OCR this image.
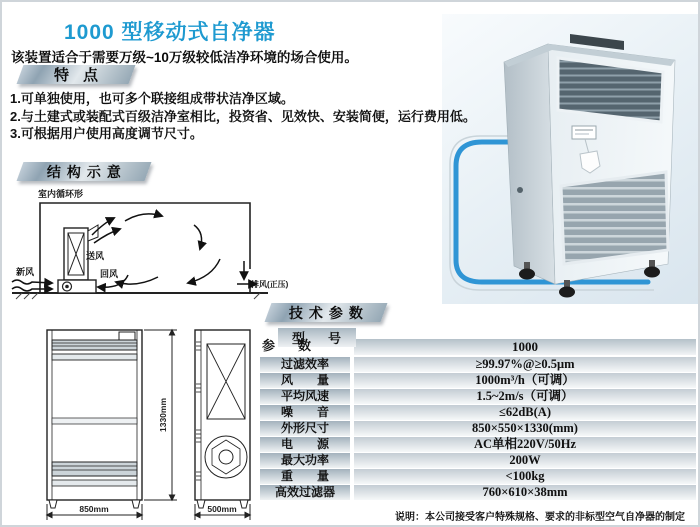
1000 型移动式自净器

该装置适合于需要万级~10万级较低洁净环境的场合使用。

特点
1.可单独使用，也可多个联接组成带状洁净区域。
2.与土建式或装配式百级洁净室相比，投资省、见效快、安装简便，运行费用低。
3.可根据用户使用高度调节尺寸。
结构示意
室内循环形
送风
新风	回风
排风(正压)
850mm
1330mm
500mm
技术参数
型　号
参　数	1000
过滤效率	≥99.97%@≥0.5μm
风　　量	1000m³/h（可调）
平均风速	1.5~2m/s（可调）
噪　　音	≤62dB(A)
外形尺寸	850×550×1330(mm)
电　　源	AC单相220V/50Hz
最大功率	200W
重　　量	<100kg
高效过滤器	760×610×38mm
说明：本公司接受客户特殊规格、要求的非标型空气自净器的制定
